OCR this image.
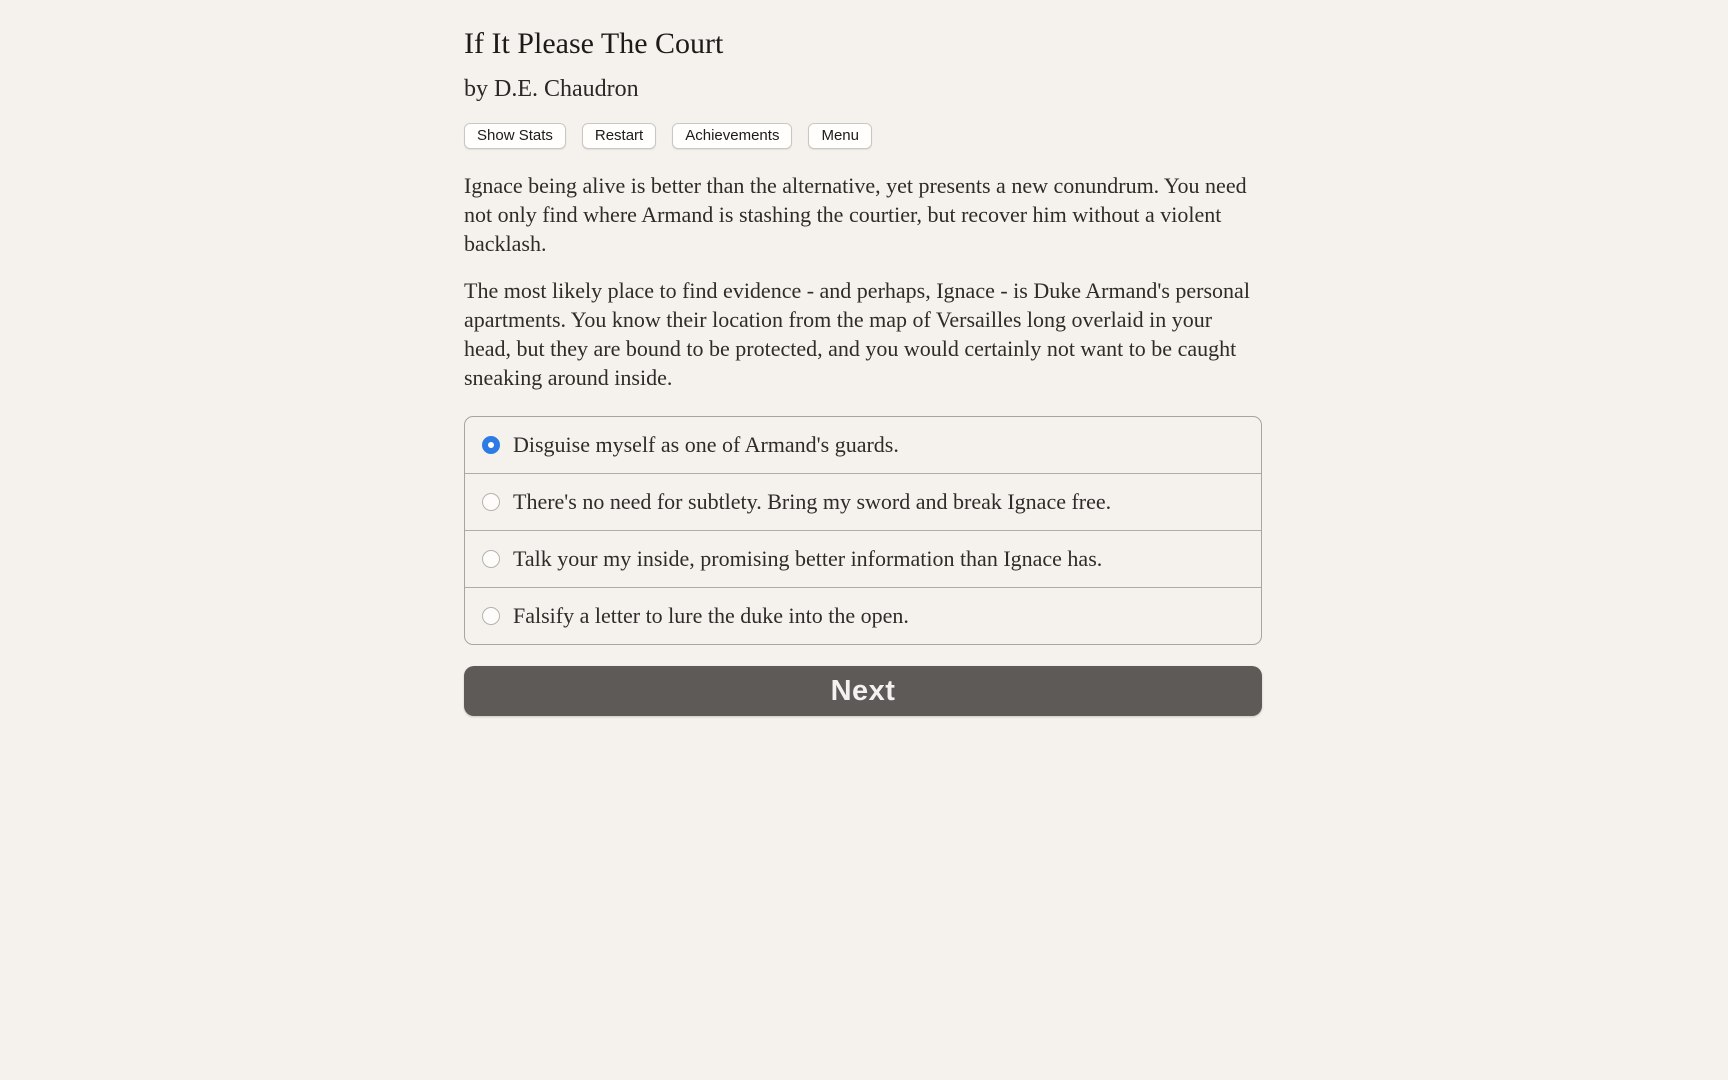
If It Please The Court
by D.E. Chaudron
Show Stats	Restart	Achievements	Menu

Ignace being alive is better than the alternative, yet presents a new conundrum. You need not only find where Armand is stashing the courtier, but recover him without a violent backlash.

The most likely place to find evidence - and perhaps, Ignace - is Duke Armand's personal apartments. You know their location from the map of Versailles long overlaid in your head, but they are bound to be protected, and you would certainly not want to be caught sneaking around inside.

Disguise myself as one of Armand's guards.
There's no need for subtlety. Bring my sword and break Ignace free.
Talk your my inside, promising better information than Ignace has.
Falsify a letter to lure the duke into the open.
Next
